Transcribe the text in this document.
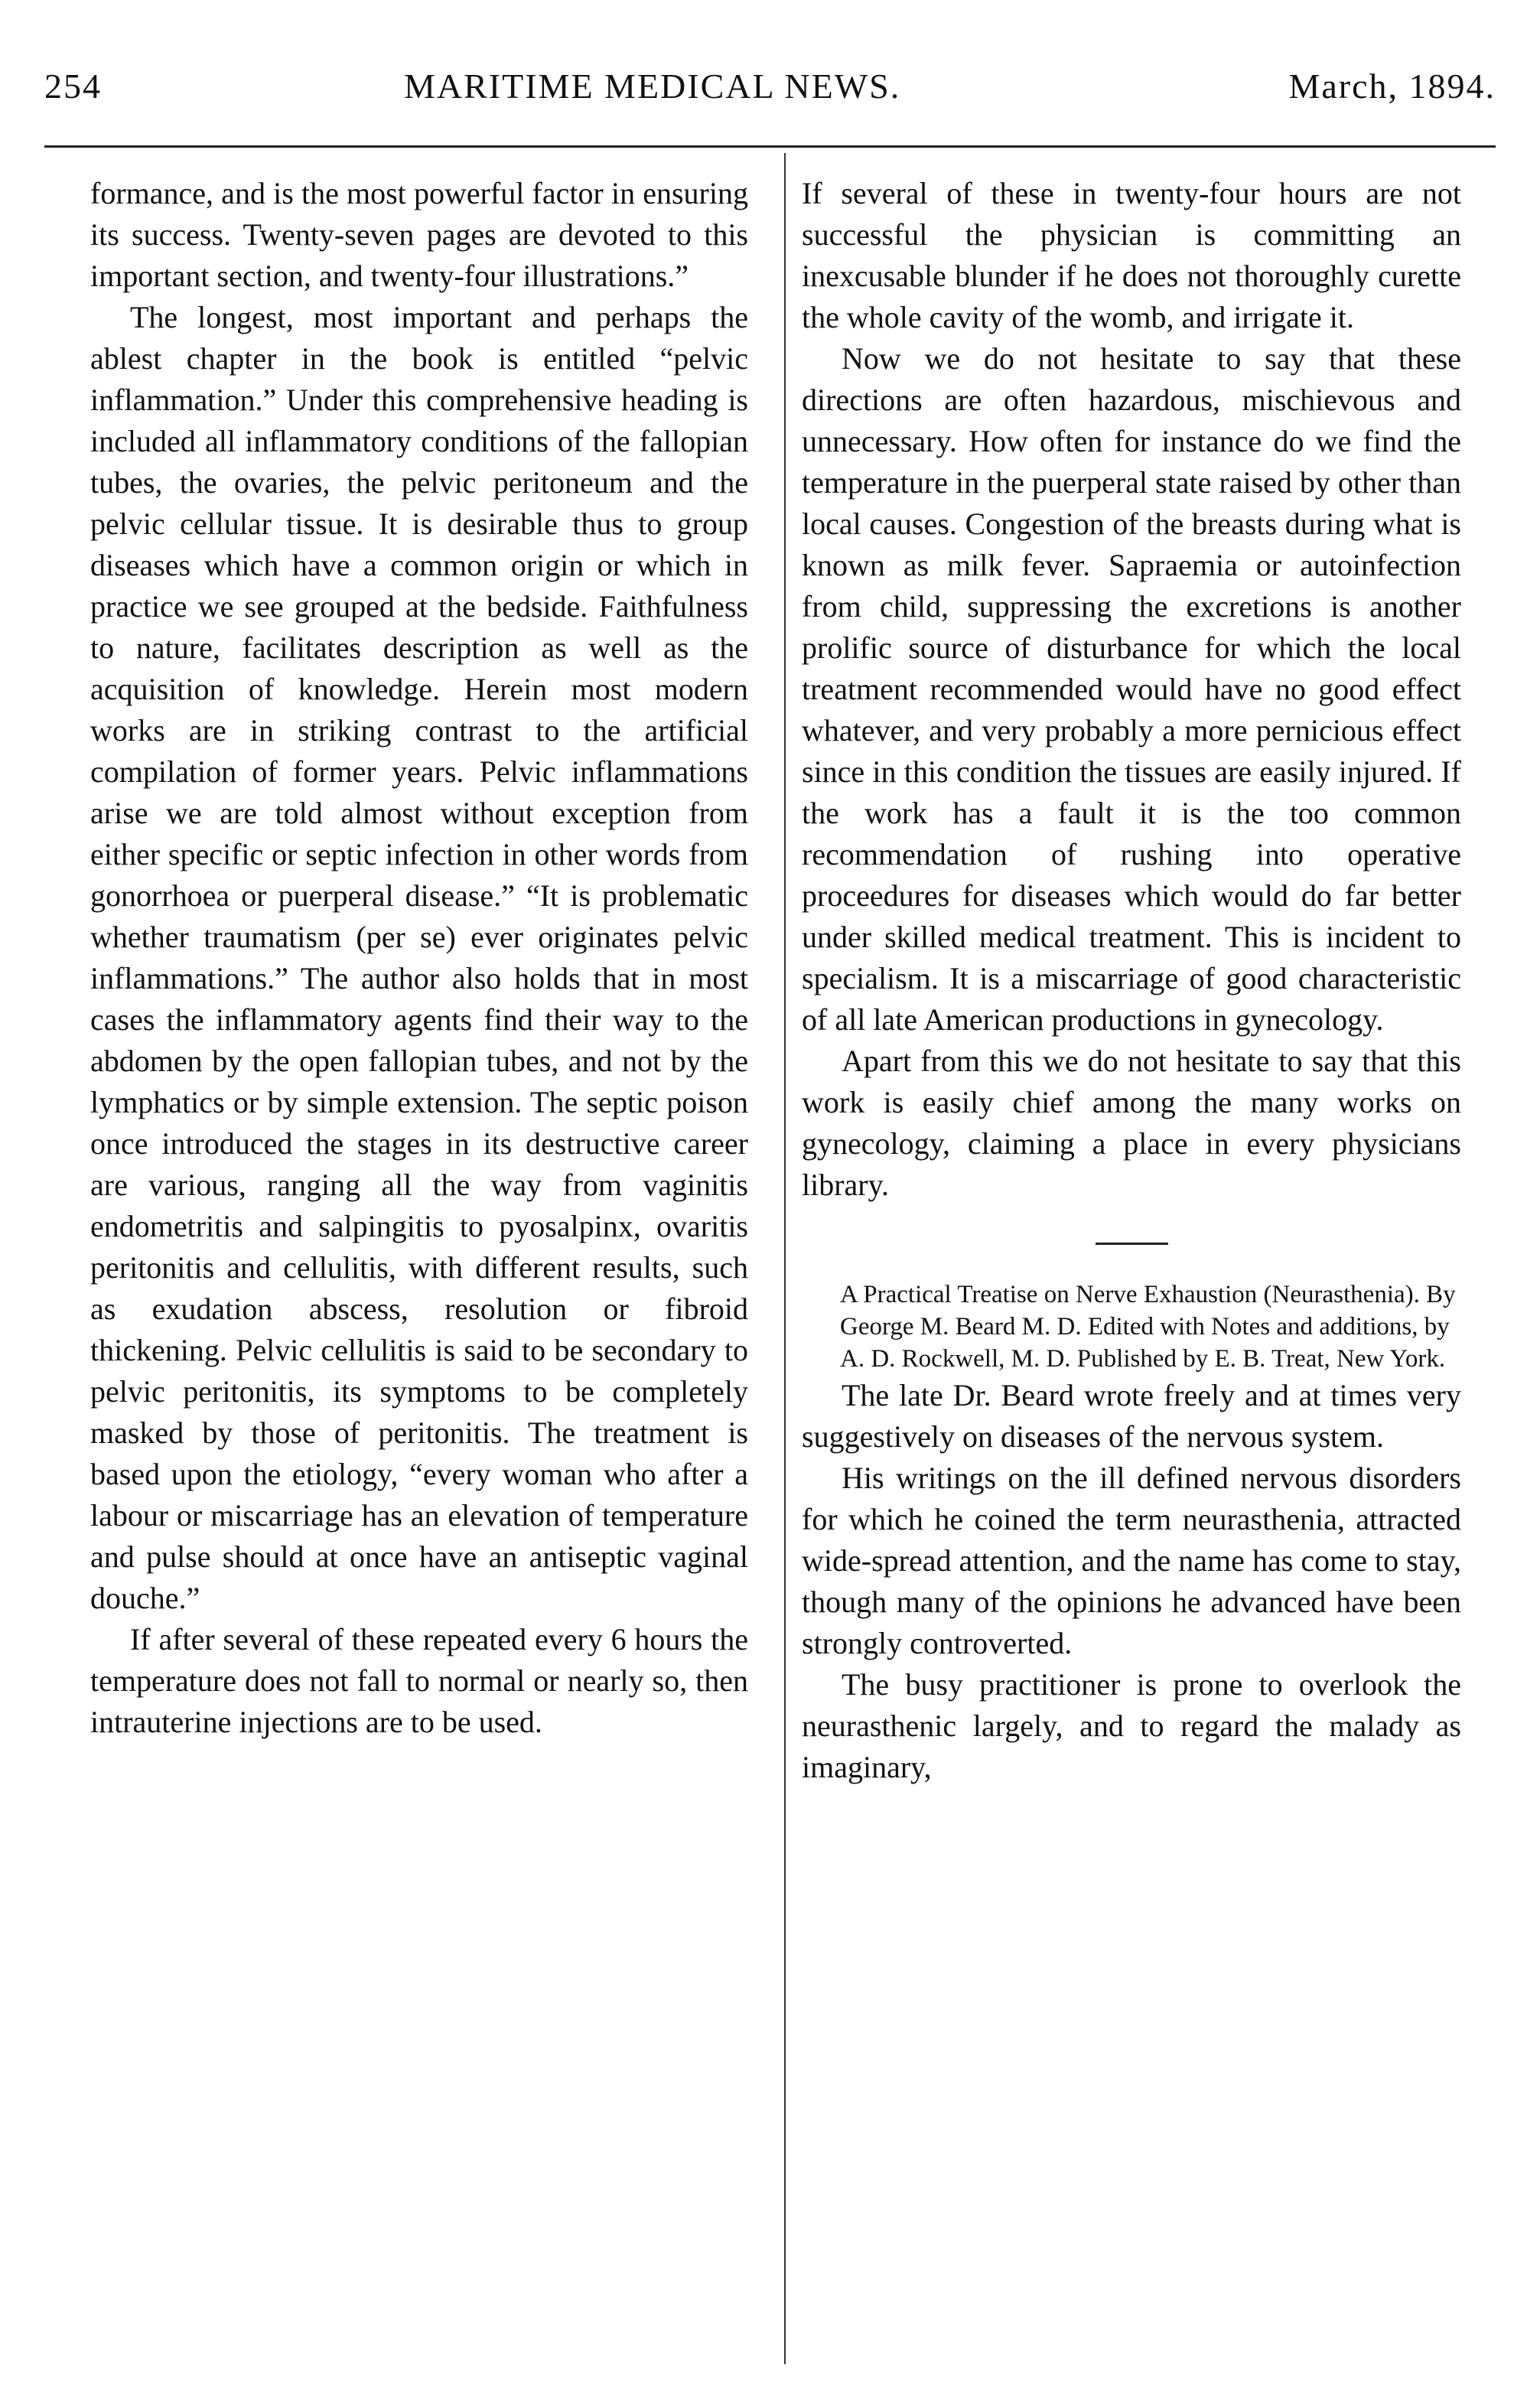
254	MARITIME MEDICAL NEWS.	March, 1894.

formance, and is the most powerful factor in ensuring its success. Twenty-seven pages are devoted to this important section, and twenty-four illustrations.”

The longest, most important and perhaps the ablest chapter in the book is entitled “pelvic inflammation.” Under this comprehensive heading is included all inflammatory conditions of the fallopian tubes, the ovaries, the pelvic peritoneum and the pelvic cellular tissue. It is desirable thus to group diseases which have a common origin or which in practice we see grouped at the bedside. Faithfulness to nature, facilitates description as well as the acquisition of knowledge. Herein most modern works are in striking contrast to the artificial compilation of former years. Pelvic inflammations arise we are told almost without exception from either specific or septic infection in other words from gonorrhoea or puerperal disease.” “It is problematic whether traumatism (per se) ever originates pelvic inflammations.” The author also holds that in most cases the inflammatory agents find their way to the abdomen by the open fallopian tubes, and not by the lymphatics or by simple extension. The septic poison once introduced the stages in its destructive career are various, ranging all the way from vaginitis endometritis and salpingitis to pyosalpinx, ovaritis peritonitis and cellulitis, with different results, such as exudation abscess, resolution or fibroid thickening. Pelvic cellulitis is said to be secondary to pelvic peritonitis, its symptoms to be completely masked by those of peritonitis. The treatment is based upon the etiology, “every woman who after a labour or miscarriage has an elevation of temperature and pulse should at once have an antiseptic vaginal douche.”

If after several of these repeated every 6 hours the temperature does not fall to normal or nearly so, then intrauterine injections are to be used.

If several of these in twenty-four hours are not successful the physician is committing an inexcusable blunder if he does not thoroughly curette the whole cavity of the womb, and irrigate it.

Now we do not hesitate to say that these directions are often hazardous, mischievous and unnecessary. How often for instance do we find the temperature in the puerperal state raised by other than local causes. Congestion of the breasts during what is known as milk fever. Sapraemia or autoinfection from child, suppressing the excretions is another prolific source of disturbance for which the local treatment recommended would have no good effect whatever, and very probably a more pernicious effect since in this condition the tissues are easily injured. If the work has a fault it is the too common recommendation of rushing into operative proceedures for diseases which would do far better under skilled medical treatment. This is incident to specialism. It is a miscarriage of good characteristic of all late American productions in gynecology.

Apart from this we do not hesitate to say that this work is easily chief among the many works on gynecology, claiming a place in every physicians library.

A Practical Treatise on Nerve Exhaustion (Neurasthenia). By George M. Beard M. D. Edited with Notes and additions, by A. D. Rockwell, M. D. Published by E. B. Treat, New York.

The late Dr. Beard wrote freely and at times very suggestively on diseases of the nervous system.

His writings on the ill defined nervous disorders for which he coined the term neurasthenia, attracted wide-spread attention, and the name has come to stay, though many of the opinions he advanced have been strongly controverted.

The busy practitioner is prone to overlook the neurasthenic largely, and to regard the malady as imaginary,
